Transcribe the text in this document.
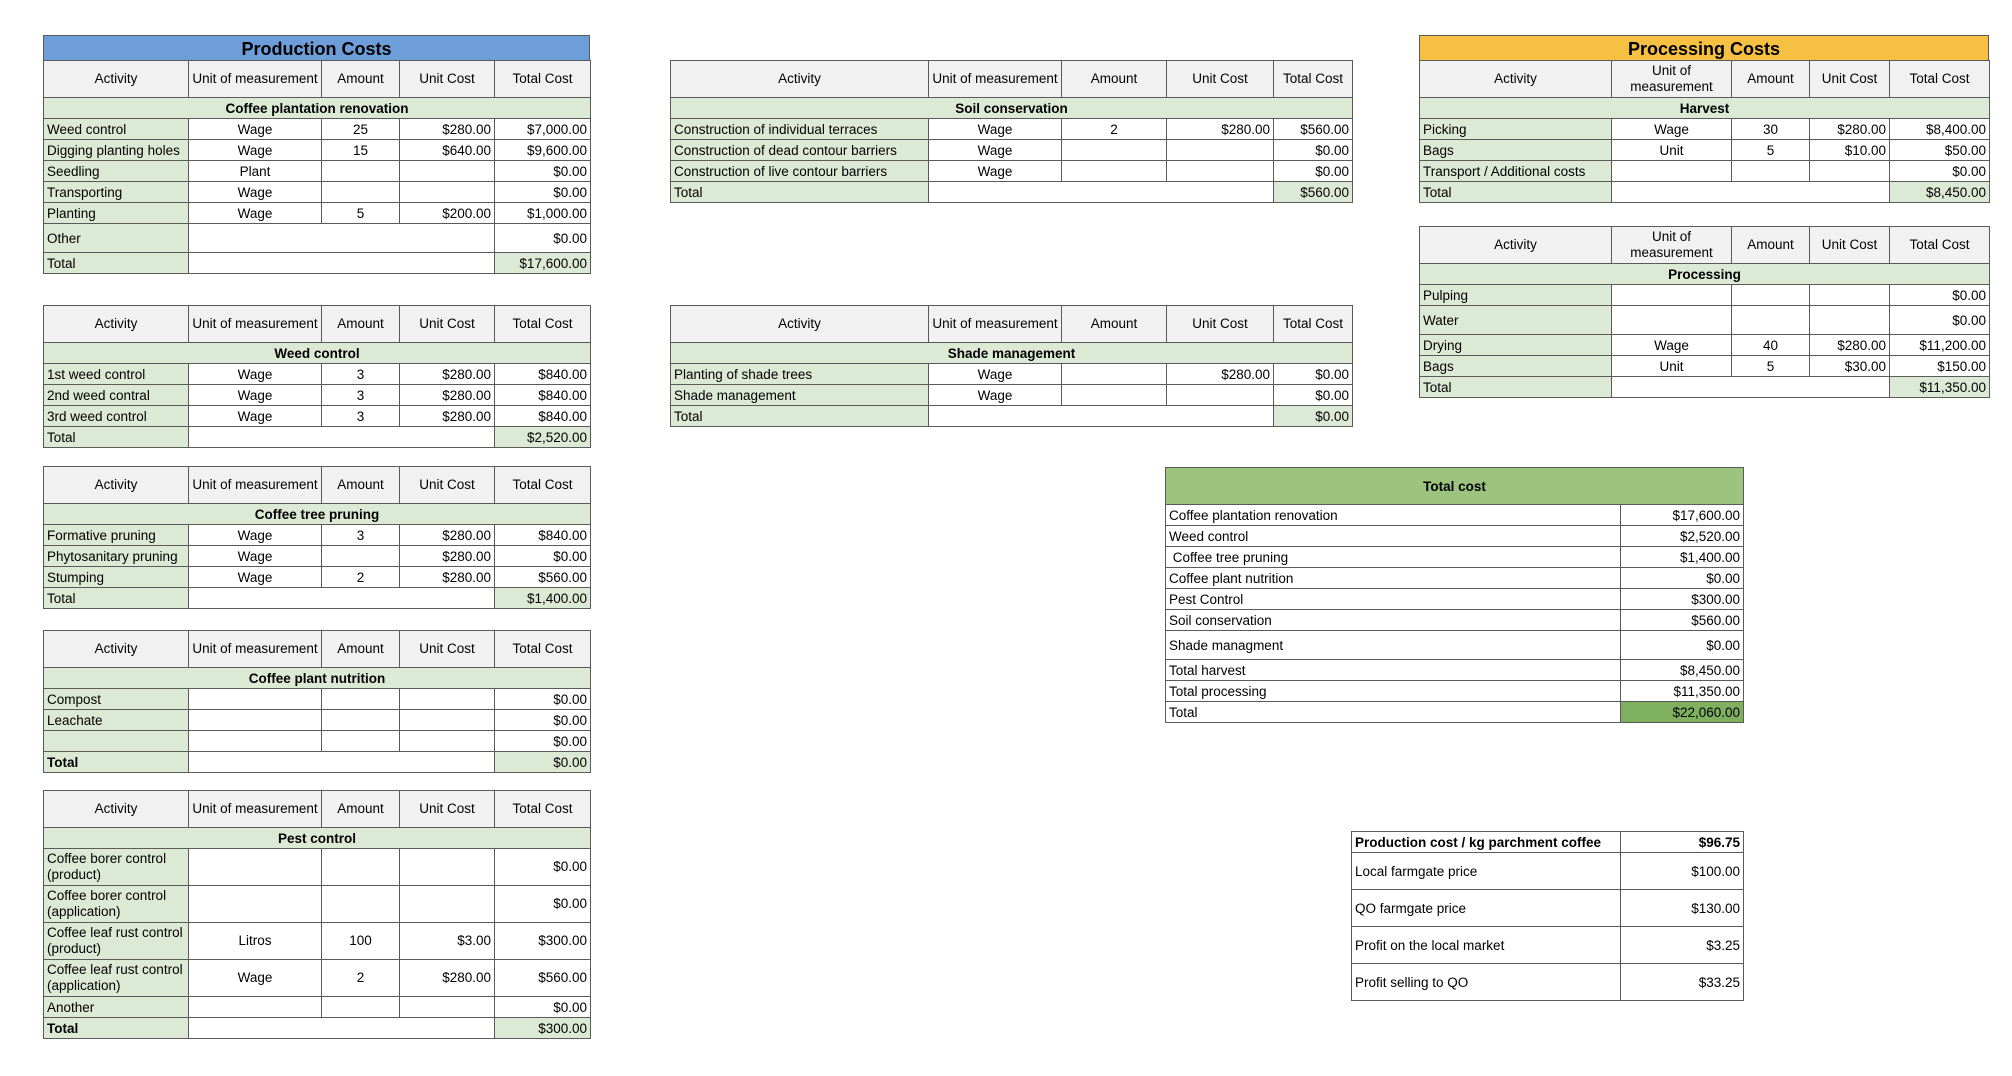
Production Costs	Processing Costs
Activity	Unit of measurement	Amount	Unit Cost	Total Cost
Coffee plantation renovation				
Weed control	Wage	25	$280.00	$7,000.00
Digging planting holes	Wage	15	$640.00	$9,600.00
Seedling	Plant			$0.00
Transporting	Wage			$0.00
Planting	Wage	5	$200.00	$1,000.00
Other				$0.00
Total				$17,600.00
Activity	Unit of measurement	Amount	Unit Cost	Total Cost
Weed control				
1st weed control	Wage	3	$280.00	$840.00
2nd weed contral	Wage	3	$280.00	$840.00
3rd weed control	Wage	3	$280.00	$840.00
Total				$2,520.00
Activity	Unit of measurement	Amount	Unit Cost	Total Cost
Coffee tree pruning				
Formative pruning	Wage	3	$280.00	$840.00
Phytosanitary pruning	Wage		$280.00	$0.00
Stumping	Wage	2	$280.00	$560.00
Total				$1,400.00
Activity	Unit of measurement	Amount	Unit Cost	Total Cost
Coffee plant nutrition				
Compost				$0.00
Leachate				$0.00
				$0.00
Total				$0.00
Activity	Unit of measurement	Amount	Unit Cost	Total Cost
Pest control				
Coffee borer control (product)				$0.00
Coffee borer control (application)				$0.00
Coffee leaf rust control (product)	Litros	100	$3.00	$300.00
Coffee leaf rust control (application)	Wage	2	$280.00	$560.00
Another				$0.00
Total				$300.00
Activity	Unit of measurement	Amount	Unit Cost	Total Cost
Soil conservation				
Construction of individual terraces	Wage	2	$280.00	$560.00
Construction of dead contour barriers	Wage			$0.00
Construction of live contour barriers	Wage			$0.00
Total				$560.00
Activity	Unit of measurement	Amount	Unit Cost	Total Cost
Shade management				
Planting of shade trees	Wage		$280.00	$0.00
Shade management	Wage			$0.00
Total				$0.00
Activity	Unit of measurement	Amount	Unit Cost	Total Cost
Harvest				
Picking	Wage	30	$280.00	$8,400.00
Bags	Unit	5	$10.00	$50.00
Transport / Additional costs				$0.00
Total				$8,450.00
Activity	Unit of measurement	Amount	Unit Cost	Total Cost
Processing				
Pulping				$0.00
Water				$0.00
Drying	Wage	40	$280.00	$11,200.00
Bags	Unit	5	$30.00	$150.00
Total				$11,350.00
Total cost	
Coffee plantation renovation	$17,600.00
Weed control	$2,520.00
Coffee tree pruning	$1,400.00
Coffee plant nutrition	$0.00
Pest Control	$300.00
Soil conservation	$560.00
Shade managment	$0.00
Total harvest	$8,450.00
Total processing	$11,350.00
Total	$22,060.00
Production cost / kg parchment coffee	$96.75
Local farmgate price	$100.00
QO farmgate price	$130.00
Profit on the local market	$3.25
Profit selling to QO	$33.25
